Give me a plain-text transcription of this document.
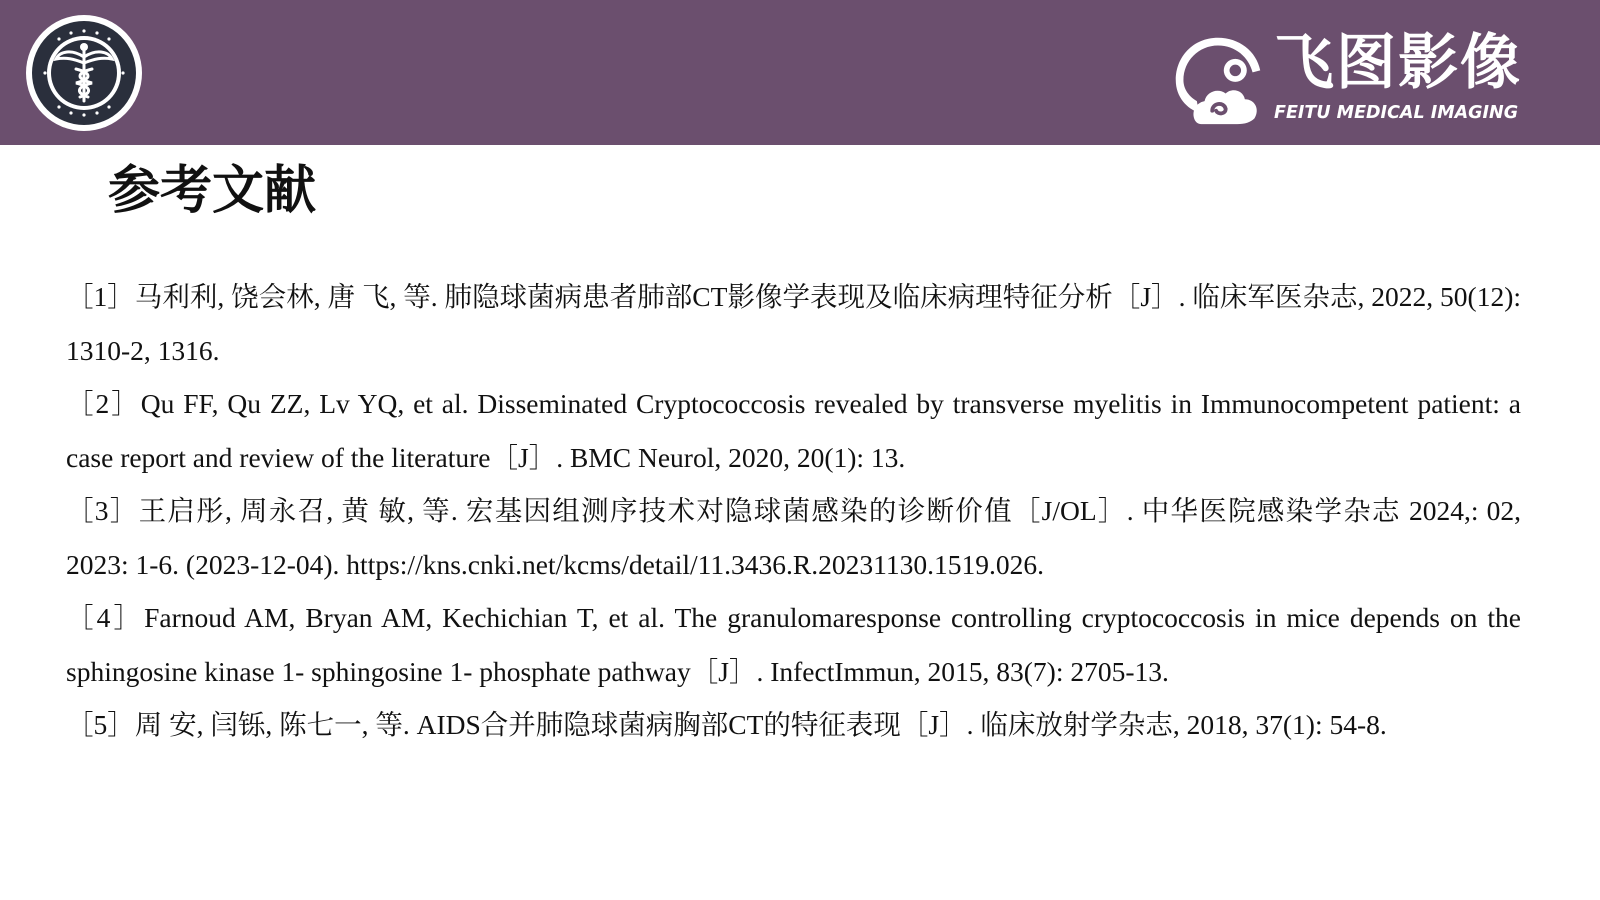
飞图影像
FEITU MEDICAL IMAGING
参考文献

［1］马利利, 饶会林, 唐 飞, 等. 肺隐球菌病患者肺部CT影像学表现及临床病理特征分析［J］. 临床军医杂志, 2022, 50(12): 1310-2, 1316.

［2］Qu FF, Qu ZZ, Lv YQ, et al. Disseminated Cryptococcosis revealed by transverse myelitis in Immunocompetent patient: a case report and review of the literature［J］. BMC Neurol, 2020, 20(1): 13.

［3］王启彤, 周永召, 黄 敏, 等. 宏基因组测序技术对隐球菌感染的诊断价值［J/OL］. 中华医院感染学杂志 2024,: 02, 2023: 1-6. (2023-12-04). https://kns.cnki.net/kcms/detail/11.3436.R.20231130.1519.026.

［4］Farnoud AM, Bryan AM, Kechichian T, et al. The granulomaresponse controlling cryptococcosis in mice depends on the sphingosine kinase 1- sphingosine 1- phosphate pathway［J］. InfectImmun, 2015, 83(7): 2705-13.

［5］周 安, 闫铄, 陈七一, 等. AIDS合并肺隐球菌病胸部CT的特征表现［J］. 临床放射学杂志, 2018, 37(1): 54-8.
